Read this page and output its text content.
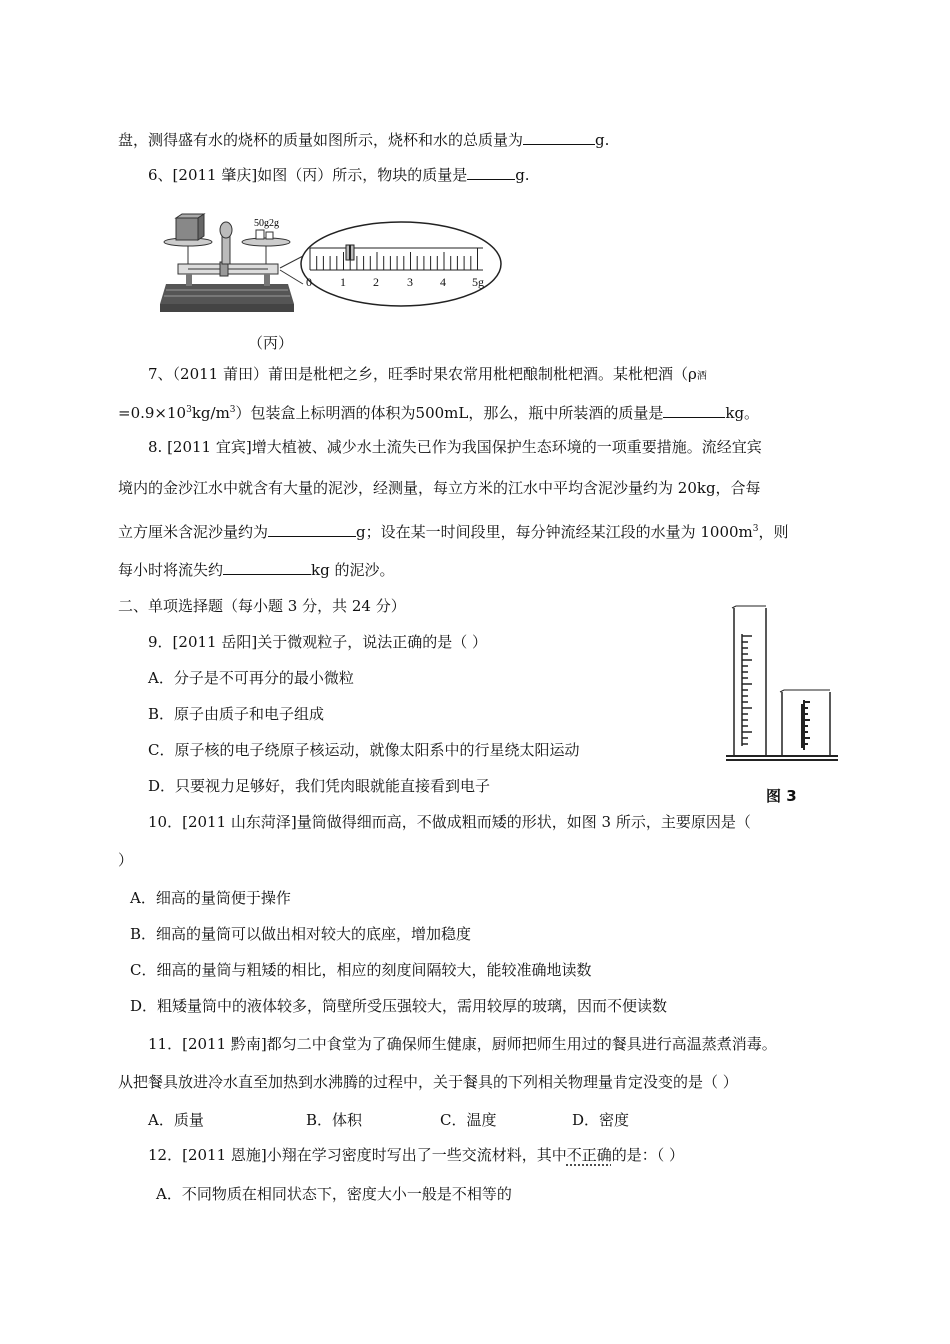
盘，测得盛有水的烧杯的质量如图所示，烧杯和水的总质量为	g.
6、[2011 肇庆]如图（丙）所示，物块的质量是	g.
50g2g
0 1 2 3 4 5g
（丙）
7、（2011 莆田）莆田是枇杷之乡，旺季时果农常用枇杷酿制枇杷酒。某枇杷酒（ρ酒
$=0.9\times 10^3kg/m^3$）包装盒上标明酒的体积为500mL，那么，瓶中所装酒的质量是	kg。
8. [2011 宜宾]增大植被、减少水土流失已作为我国保护生态环境的一项重要措施。流经宜宾
境内的金沙江水中就含有大量的泥沙，经测量，每立方米的江水中平均含泥沙量约为 20kg，合每
立方厘米含泥沙量约为	g；设在某一时间段里，每分钟流经某江段的水量为 $1000m^3$，则
每小时将流失约	kg 的泥沙。
二、单项选择题（每小题 3 分，共 24 分）
9．[2011 岳阳]关于微观粒子，说法正确的是（ ）
A．分子是不可再分的最小微粒
B．原子由质子和电子组成
C．原子核的电子绕原子核运动，就像太阳系中的行星绕太阳运动
D．只要视力足够好，我们凭肉眼就能直接看到电子
图 3
10．[2011 山东菏泽]量筒做得细而高，不做成粗而矮的形状，如图 3 所示，主要原因是（
）
A．细高的量筒便于操作
B．细高的量筒可以做出相对较大的底座，增加稳度
C．细高的量筒与粗矮的相比，相应的刻度间隔较大，能较准确地读数
D．粗矮量筒中的液体较多，筒壁所受压强较大，需用较厚的玻璃，因而不便读数
11．[2011 黔南]都匀二中食堂为了确保师生健康，厨师把师生用过的餐具进行高温蒸煮消毒。
从把餐具放进冷水直至加热到水沸腾的过程中，关于餐具的下列相关物理量肯定没变的是（ ）
A．质量	B．体积	C．温度	D．密度
12．[2011 恩施]小翔在学习密度时写出了一些交流材料，其中不正确的是：（ ）
A．不同物质在相同状态下，密度大小一般是不相等的
